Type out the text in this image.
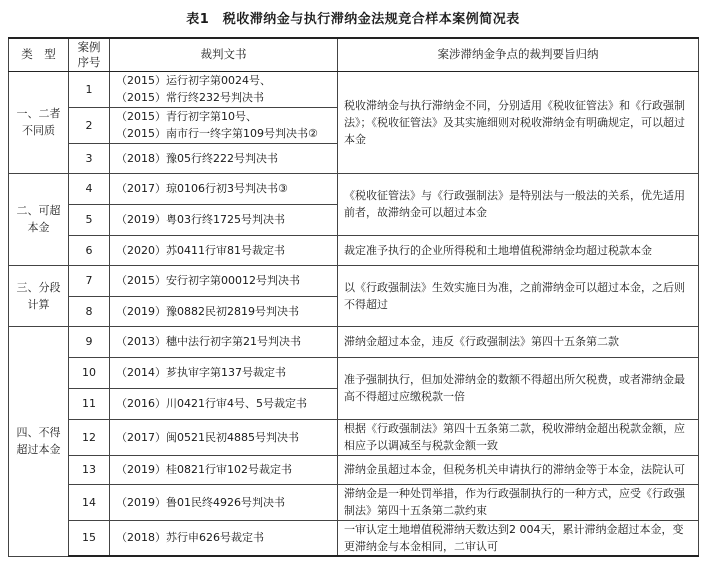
表1　税收滞纳金与执行滞纳金法规竞合样本案例简况表
类　型	案例序号	裁判文书	案涉滞纳金争点的裁判要旨归纳
一、二者不同质	1	（2015）运行初字第0024号、
（2015）常行终232号判决书	税收滞纳金与执行滞纳金不同，分别适用《税收征管法》和《行政强制法》；《税收征管法》及其实施细则对税收滞纳金有明确规定，可以超过本金
	2	（2015）青行初字第10号、
（2015）南市行一终字第109号判决书②	

	3	（2018）豫05行终222号判决书	
二、可超本金	4	（2017）琼0106行初3号判决书③	《税收征管法》与《行政强制法》是特别法与一般法的关系，优先适用前者，故滞纳金可以超过本金
	5	（2019）粤03行终1725号判决书	
	6	（2020）苏0411行审81号裁定书	裁定准予执行的企业所得税和土地增值税滞纳金均超过税款本金
三、分段计算	7	（2015）安行初字第00012号判决书	以《行政强制法》生效实施日为准，之前滞纳金可以超过本金，之后则不得超过
	8	（2019）豫0882民初2819号判决书	
四、不得超过本金	9	（2013）穗中法行初字第21号判决书	滞纳金超过本金，违反《行政强制法》第四十五条第二款
	10	（2014）芗执审字第137号裁定书	准予强制执行，但加处滞纳金的数额不得超出所欠税费，或者滞纳金最高不得超过应缴税款一倍
	11	（2016）川0421行审4号、5号裁定书	
	12	（2017）闽0521民初4885号判决书	根据《行政强制法》第四十五条第二款，税收滞纳金超出税款金额，应相应予以调减至与税款金额一致
	13	（2019）桂0821行审102号裁定书	滞纳金虽超过本金，但税务机关申请执行的滞纳金等于本金，法院认可
	14	（2019）鲁01民终4926号判决书	滞纳金是一种处罚举措，作为行政强制执行的一种方式，应受《行政强制法》第四十五条第二款约束
	15	（2018）苏行申626号裁定书	一审认定土地增值税滞纳天数达到2 004天，累计滞纳金超过本金，变更滞纳金与本金相同，二审认可
